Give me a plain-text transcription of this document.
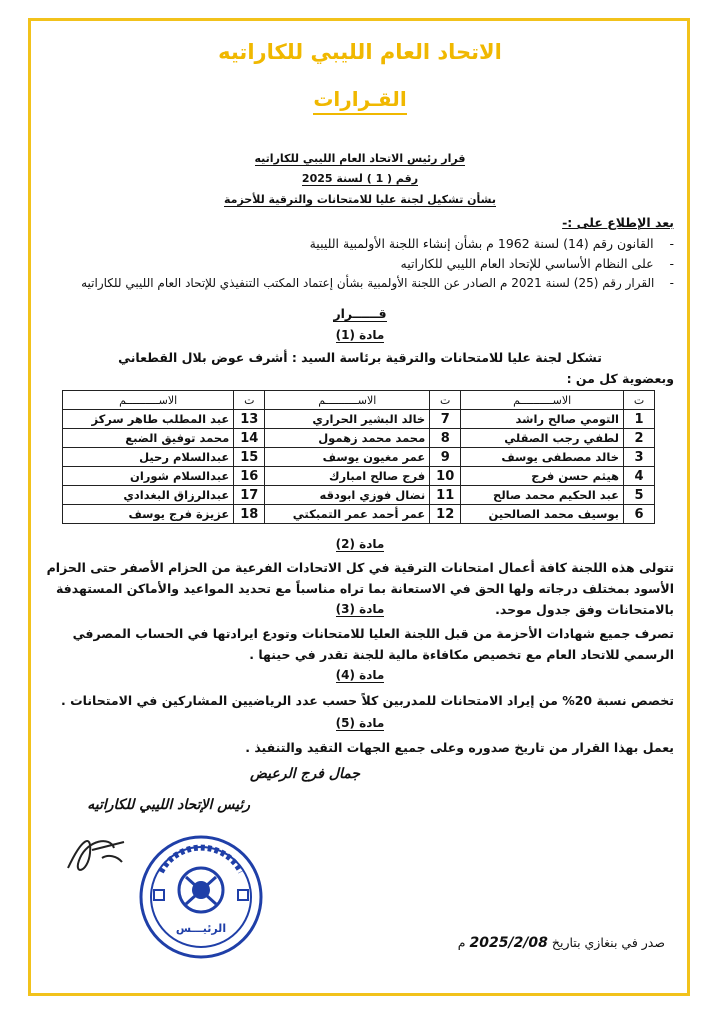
الاتحاد العام الليبي للكاراتيه
القـرارات
قرار رئيس الاتحاد العام الليبي للكاراتيه
رقم ( 1 ) لسنة 2025
بشأن تشكيل لجنة عليا للامتحانات والترقية للأحزمة
بعد الإطلاع على :-
-    القانون رقم (14) لسنة 1962 م بشأن إنشاء اللجنة الأولمبية الليبية
-    على النظام الأساسي للإتحاد العام الليبي للكاراتيه
-    القرار رقم (25) لسنة 2021 م الصادر عن اللجنة الأولمبية بشأن إعتماد المكتب التنفيذي للإتحاد العام الليبي للكاراتيه
قــــــرار
مادة (1)
تشكل لجنة عليا للامتحانات والترقية برئاسة السيد : أشرف عوض بلال القطعاني
وبعضوية كل من :
ت	الاســــــــــم	ت	الاســــــــــم	ت	الاســــــــــم
1	التومي صالح راشد	7	خالد البشير الحراري	13	عبد المطلب طاهر سركز
2	لطفي رجب الصقلي	8	محمد محمد زهمول	14	محمد توفيق الضبع
3	خالد مصطفى يوسف	9	عمر مغيون يوسف	15	عبدالسلام رحيل
4	هيثم حسن فرج	10	فرج صالح امبارك	16	عبدالسلام شوران
5	عبد الحكيم محمد صالح	11	نضال فوزي ابودقه	17	عبدالرزاق البغدادي
6	بوسيف محمد الصالحين	12	عمر أحمد عمر التمبكتي	18	عزيزة فرج يوسف
مادة (2)
تتولى هذه اللجنة كافة أعمال امتحانات الترقية في كل الاتحادات الفرعية من الحزام الأصفر حتى الحزام الأسود بمختلف درجاته ولها الحق في الاستعانة بما تراه مناسباً مع تحديد المواعيد والأماكن المستهدفة بالامتحانات وفق جدول موحد.
مادة (3)
تصرف جميع شهادات الأحزمة من قبل اللجنة العليا للامتحانات وتودع ايرادتها في الحساب المصرفي الرسمي للاتحاد العام مع تخصيص مكافاءة مالية للجنة تقدر في حينها .
مادة (4)
تخصص نسبة 20% من إيراد الامتحانات للمدربين كلاً حسب عدد الرياضيين المشاركين في الامتحانات .
مادة (5)
يعمل بهذا القرار من تاريخ صدوره وعلى جميع الجهات التقيد والتنفيذ .
جمال فرج الرعيض
رئيس الإتحاد الليبي للكاراتيه
الرئيـــس
صدر في بنغازي بتاريخ 2025/2/08 م
